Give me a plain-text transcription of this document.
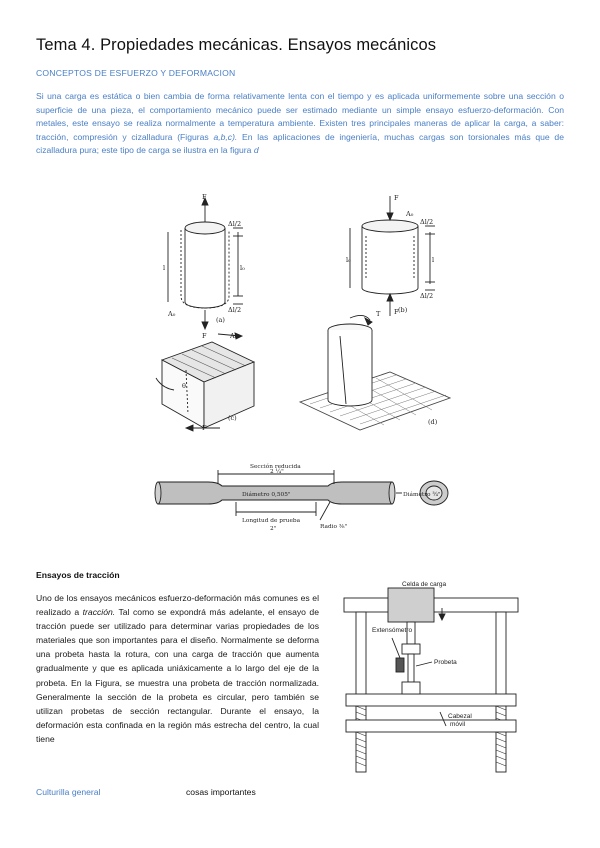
Tema 4. Propiedades mecánicas. Ensayos mecánicos
CONCEPTOS DE ESFUERZO Y DEFORMACION
Si una carga es estática o bien cambia de forma relativamente lenta con el tiempo y es aplicada uniformemente sobre una sección o superficie de una pieza, el comportamiento mecánico puede ser estimado mediante un simple ensayo esfuerzo-deformación. Con metales, este ensayo se realiza normalmente a temperatura ambiente. Existen tres principales maneras de aplicar la carga, a saber: tracción, compresión y cizalladura (Figuras a,b,c). En las aplicaciones de ingeniería, muchas cargas son torsionales más que de cizalladura pura; este tipo de carga se ilustra en la figura d
F
F
l	l₀
Δl/2
Δl/2
A₀
(a)
F
F
A₀
l₀	l
Δl/2
Δl/2
(b)
A₀
θ
F
(c)
T
(d)
Sección reducida
2 ¼"
Diámetro 0,505"	Diámetro ¾"
Longitud de prueba
2"	Radio ⅜"
Ensayos de tracción
Uno de los ensayos mecánicos esfuerzo-deformación más comunes es el realizado a tracción. Tal como se expondrá más adelante, el ensayo de tracción puede ser utilizado para determinar varias propiedades de los materiales que son importantes para el diseño. Normalmente se deforma una probeta hasta la rotura, con una carga de tracción que aumenta gradualmente y que es aplicada uniáxicamente a lo largo del eje de la probeta. En la Figura, se muestra una probeta de tracción normalizada. Generalmente la sección de la probeta es circular, pero también se utilizan probetas de sección rectangular. Durante el ensayo, la deformación esta confinada en la región más estrecha del centro, la cual tiene
Celda de carga
Extensómetro
Probeta
Cabezal
móvil
Culturilla general	cosas importantes
